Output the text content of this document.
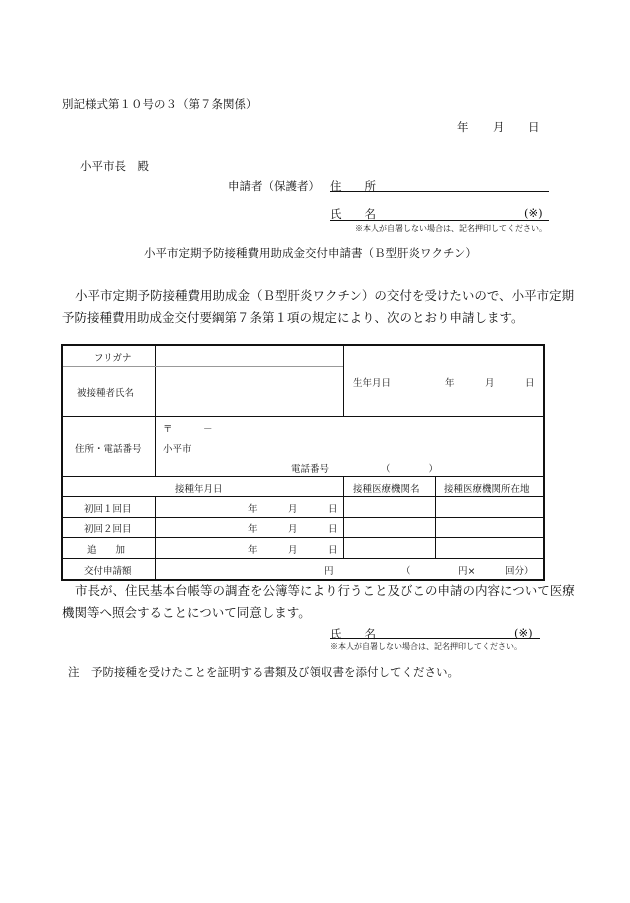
別記様式第１０号の３（第７条関係）
年 月 日
小平市長　殿
申請者（保護者） 住　　所
氏　　名	(※)
※本人が自署しない場合は、記名押印してください。
小平市定期予防接種費用助成金交付申請書（Ｂ型肝炎ワクチン）
小平市定期予防接種費用助成金（Ｂ型肝炎ワクチン）の交付を受けたいので、小平市定期
予防接種費用助成金交付要綱第７条第１項の規定により、次のとおり申請します。
フリガナ
被接種者氏名
生年月日	年	月	日
住所・電話番号
〒	－
小平市
電話番号	（　　　　）
接種年月日	接種医療機関名	接種医療機関所在地
初回１回目	年	月	日
初回２回目	年	月	日
追　　加	年	月	日
交付申請額	円	（	円×	回分）
市長が、住民基本台帳等の調査を公簿等により行うこと及びこの申請の内容について医療
機関等へ照会することについて同意します。
氏　　名	(※)
※本人が自署しない場合は、記名押印してください。
注　予防接種を受けたことを証明する書類及び領収書を添付してください。
